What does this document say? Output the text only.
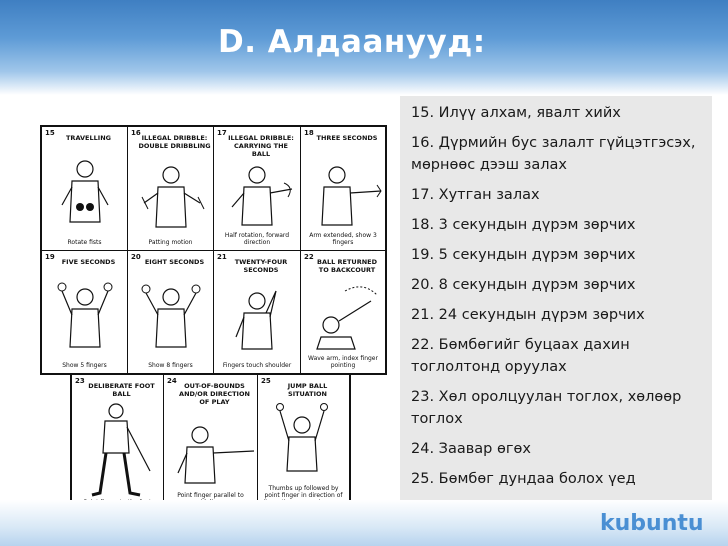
D. Алдаанууд:
15
TRAVELLING
Rotate fists
16
ILLEGAL DRIBBLE: DOUBLE DRIBBLING
Patting motion
17
ILLEGAL DRIBBLE: CARRYING THE BALL
Half rotation, forward direction
18
THREE SECONDS
Arm extended, show 3 fingers
19
FIVE SECONDS
Show 5 fingers
20
EIGHT SECONDS
Show 8 fingers
21
TWENTY-FOUR SECONDS
Fingers touch shoulder
22
BALL RETURNED TO BACKCOURT
Wave arm, index finger pointing
23
DELIBERATE FOOT BALL
24
OUT-OF-BOUNDS AND/OR DIRECTION OF PLAY
Point finger parallel to
25
JUMP BALL SITUATION
Thumbs up followed by point finger in direction of
15. Илүү алхам, явалт хийх
16. Дүрмийн бус залалт гүйцэтгэсэх, мөрнөөс дээш залах
17. Хутган залах
18. 3 секундын дүрэм зөрчих
19. 5 секундын дүрэм зөрчих
20. 8 секундын дүрэм зөрчих
21. 24 секундын дүрэм зөрчих
22. Бөмбөгийг буцаах дахин тоглолтонд оруулах
23. Хөл оролцуулан тоглох, хөлөөр тоглох
24. Заавар өгөх
25. Бөмбөг дундаа болох үед
kubuntu
